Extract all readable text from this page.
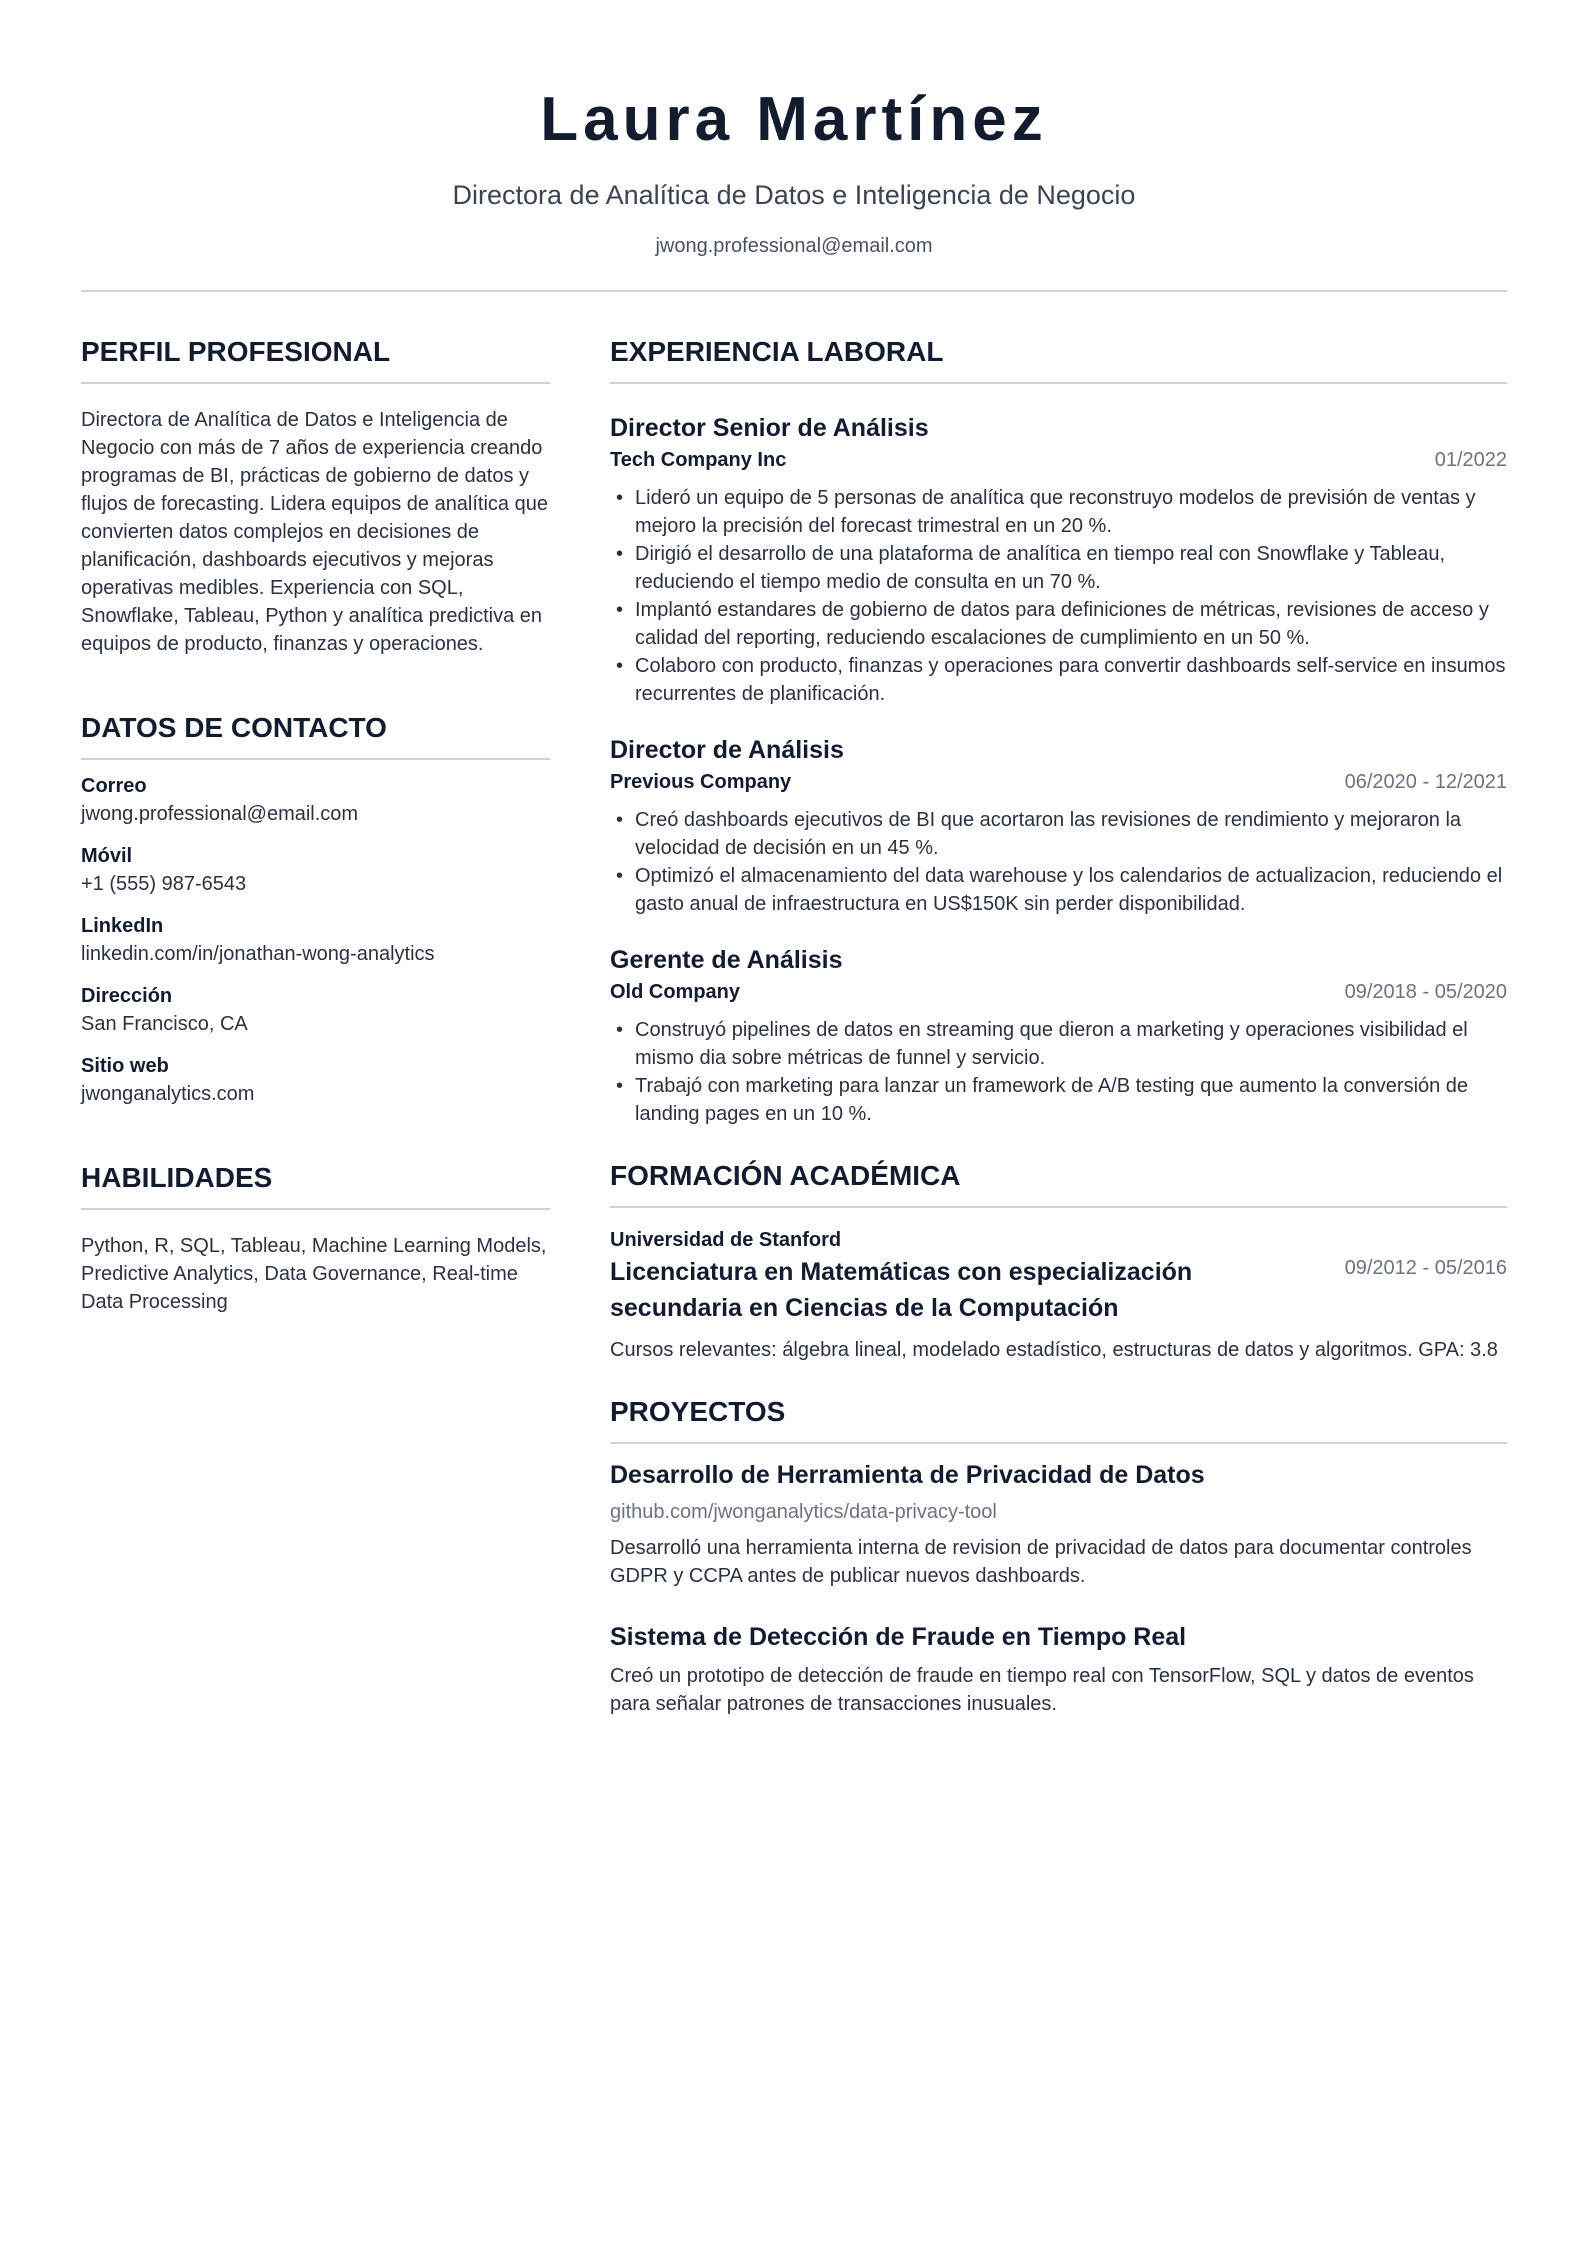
Laura Martínez
Directora de Analítica de Datos e Inteligencia de Negocio
jwong.professional@email.com
PERFIL PROFESIONAL
Directora de Analítica de Datos e Inteligencia de Negocio con más de 7 años de experiencia creando programas de BI, prácticas de gobierno de datos y flujos de forecasting. Lidera equipos de analítica que convierten datos complejos en decisiones de planificación, dashboards ejecutivos y mejoras operativas medibles. Experiencia con SQL, Snowflake, Tableau, Python y analítica predictiva en equipos de producto, finanzas y operaciones.
DATOS DE CONTACTO
Correo
jwong.professional@email.com
Móvil
+1 (555) 987-6543
LinkedIn
linkedin.com/in/jonathan-wong-analytics
Dirección
San Francisco, CA
Sitio web
jwonganalytics.com
HABILIDADES
Python, R, SQL, Tableau, Machine Learning Models, Predictive Analytics, Data Governance, Real-time Data Processing
EXPERIENCIA LABORAL
Director Senior de Análisis
Tech Company Inc	01/2022
• Lideró un equipo de 5 personas de analítica que reconstruyo modelos de previsión de ventas y mejoro la precisión del forecast trimestral en un 20 %.
• Dirigió el desarrollo de una plataforma de analítica en tiempo real con Snowflake y Tableau, reduciendo el tiempo medio de consulta en un 70 %.
• Implantó estandares de gobierno de datos para definiciones de métricas, revisiones de acceso y calidad del reporting, reduciendo escalaciones de cumplimiento en un 50 %.
• Colaboro con producto, finanzas y operaciones para convertir dashboards self-service en insumos recurrentes de planificación.
Director de Análisis
Previous Company	06/2020 - 12/2021
• Creó dashboards ejecutivos de BI que acortaron las revisiones de rendimiento y mejoraron la velocidad de decisión en un 45 %.
• Optimizó el almacenamiento del data warehouse y los calendarios de actualizacion, reduciendo el gasto anual de infraestructura en US$150K sin perder disponibilidad.
Gerente de Análisis
Old Company	09/2018 - 05/2020
• Construyó pipelines de datos en streaming que dieron a marketing y operaciones visibilidad el mismo dia sobre métricas de funnel y servicio.
• Trabajó con marketing para lanzar un framework de A/B testing que aumento la conversión de landing pages en un 10 %.
FORMACIÓN ACADÉMICA
Universidad de Stanford
Licenciatura en Matemáticas con especialización secundaria en Ciencias de la Computación
09/2012 - 05/2016
Cursos relevantes: álgebra lineal, modelado estadístico, estructuras de datos y algoritmos. GPA: 3.8
PROYECTOS
Desarrollo de Herramienta de Privacidad de Datos
github.com/jwonganalytics/data-privacy-tool
Desarrolló una herramienta interna de revision de privacidad de datos para documentar controles GDPR y CCPA antes de publicar nuevos dashboards.
Sistema de Detección de Fraude en Tiempo Real
Creó un prototipo de detección de fraude en tiempo real con TensorFlow, SQL y datos de eventos para señalar patrones de transacciones inusuales.
